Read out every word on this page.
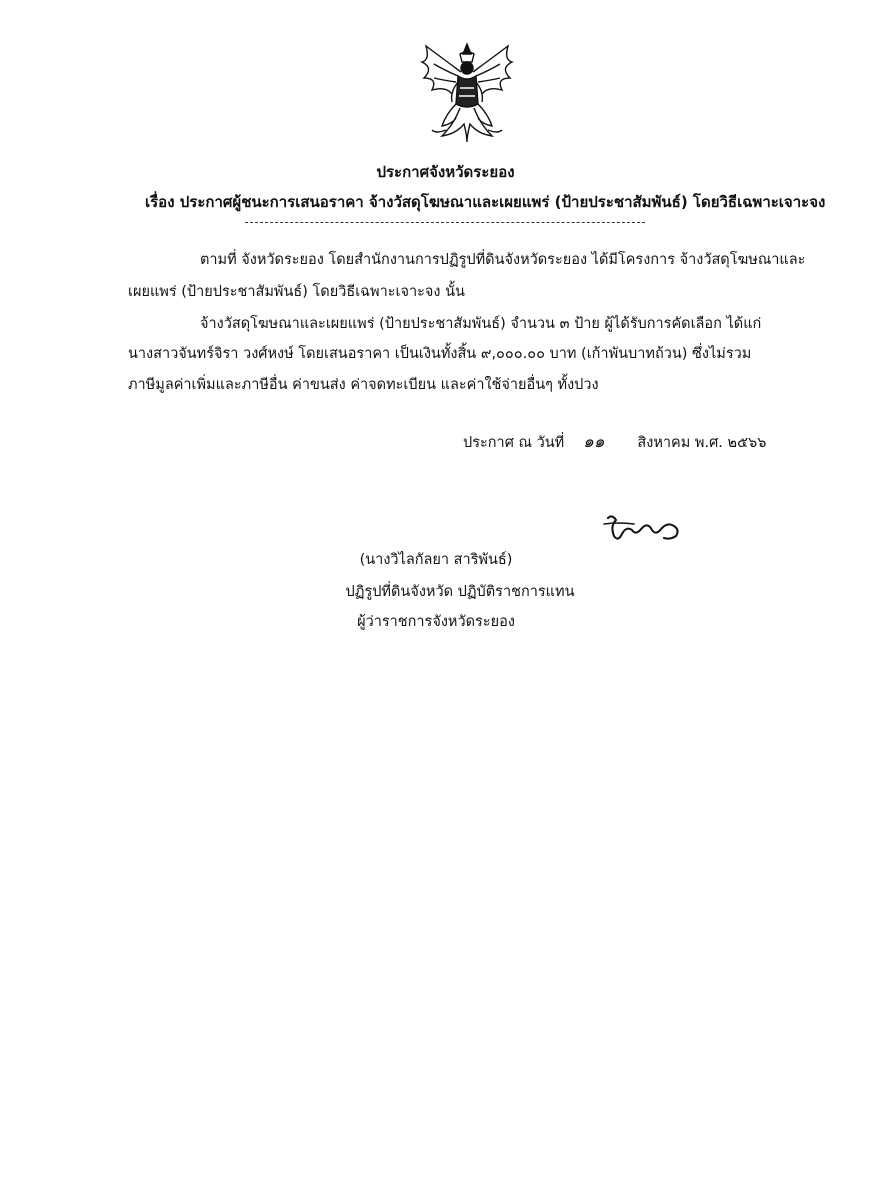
ประกาศจังหวัดระยอง
เรื่อง ประกาศผู้ชนะการเสนอราคา จ้างวัสดุโฆษณาและเผยแพร่ (ป้ายประชาสัมพันธ์) โดยวิธีเฉพาะเจาะจง
ตามที่ จังหวัดระยอง โดยสำนักงานการปฏิรูปที่ดินจังหวัดระยอง ได้มีโครงการ จ้างวัสดุโฆษณาและ
เผยแพร่ (ป้ายประชาสัมพันธ์) โดยวิธีเฉพาะเจาะจง นั้น
จ้างวัสดุโฆษณาและเผยแพร่ (ป้ายประชาสัมพันธ์) จำนวน ๓ ป้าย ผู้ได้รับการคัดเลือก ได้แก่
นางสาวจันทร์จิรา วงศ์หงษ์ โดยเสนอราคา เป็นเงินทั้งสิ้น ๙,๐๐๐.๐๐ บาท (เก้าพันบาทถ้วน) ซึ่งไม่รวม
ภาษีมูลค่าเพิ่มและภาษีอื่น ค่าขนส่ง ค่าจดทะเบียน และค่าใช้จ่ายอื่นๆ ทั้งปวง
ประกาศ ณ วันที่ ๑๑ สิงหาคม พ.ศ. ๒๕๖๖
(นางวิไลกัลยา สาริพันธ์)
ปฏิรูปที่ดินจังหวัด ปฏิบัติราชการแทน
ผู้ว่าราชการจังหวัดระยอง
